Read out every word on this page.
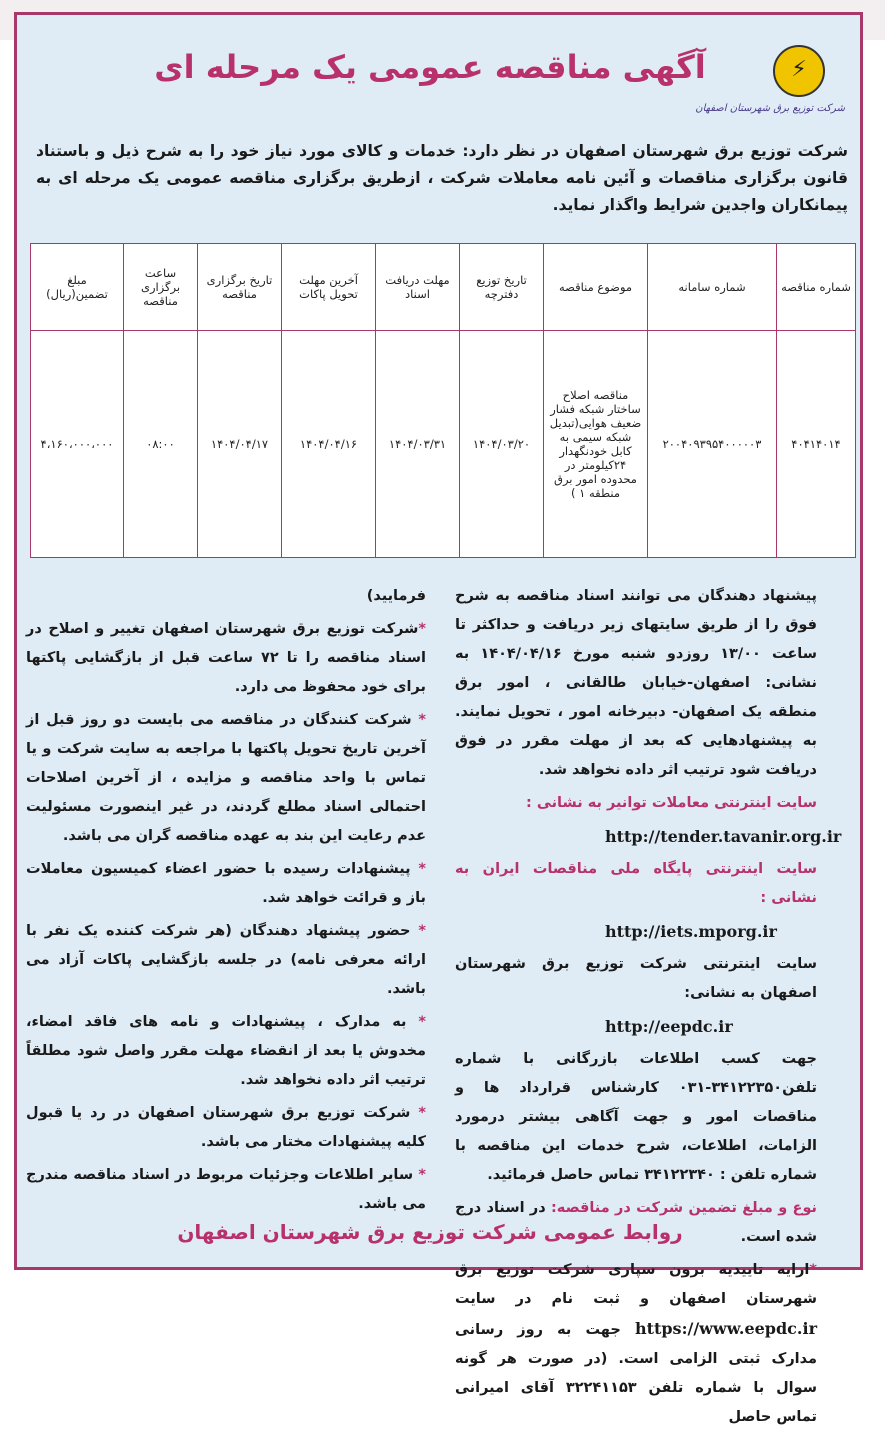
⚡
شرکت توزیع برق شهرستان اصفهان
آگهی مناقصه عمومی یک مرحله ای
شرکت توزیع برق شهرستان اصفهان در نظر دارد: خدمات و کالای مورد نیاز خود را به شرح ذیل و باستناد قانون برگزاری مناقصات و آئین نامه معاملات شرکت ، ازطریق برگزاری مناقصه عمومی یک مرحله ای به پیمانکاران واجدین شرایط واگذار نماید.
شماره مناقصه	شماره سامانه	موضوع مناقصه	تاریخ توزیع دفترچه	مهلت دریافت اسناد	آخرین مهلت تحویل پاکات	تاریخ برگزاری مناقصه	ساعت برگزاری مناقصه	مبلغ تضمین(ریال)
۴۰۴۱۴۰۱۴	۲۰۰۴۰۹۳۹۵۴۰۰۰۰۰۳	مناقصه اصلاح ساختار شبکه فشار ضعیف هوایی(تبدیل شبکه سیمی به کابل خودنگهدار ۲۴کیلومتر در محدوده امور برق منطقه ۱ )	۱۴۰۴/۰۳/۲۰	۱۴۰۴/۰۳/۳۱	۱۴۰۴/۰۴/۱۶	۱۴۰۴/۰۴/۱۷	۰۸:۰۰	۴،۱۶۰،۰۰۰،۰۰۰

پیشنهاد دهندگان می توانند اسناد مناقصه به شرح فوق را از طریق سایتهای زیر دریافت و حداکثر تا ساعت ۱۳/۰۰ روزدو شنبه مورخ ۱۴۰۴/۰۴/۱۶ به نشانی: اصفهان-خیابان طالقانی ، امور برق منطقه یک اصفهان- دبیرخانه امور ، تحویل نمایند. به پیشنهادهایی که بعد از مهلت مقرر در فوق دریافت شود ترتیب اثر داده نخواهد شد.

سایت اینترنتی معاملات توانیر به نشانی :

http://tender.tavanir.org.ir

سایت اینترنتی پایگاه ملی مناقصات ایران به نشانی :

http://iets.mporg.ir

سایت اینترنتی شرکت توزیع برق شهرستان اصفهان به نشانی:

http://eepdc.ir

جهت کسب اطلاعات بازرگانی با شماره تلفن۳۴۱۲۲۳۵۰-۰۳۱ کارشناس قرارداد ها و مناقصات امور و جهت آگاهی بیشتر درمورد الزامات، اطلاعات، شرح خدمات این مناقصه با شماره تلفن : ۳۴۱۲۲۳۴۰ تماس حاصل فرمائید.

نوع و مبلغ تضمین شرکت در مناقصه: در اسناد درج شده است.

*ارایه تاییدیه برون سپاری شرکت توزیع برق شهرستان اصفهان و ثبت نام در سایت https://www.eepdc.ir جهت به روز رسانی مدارک ثبتی الزامی است. (در صورت هر گونه سوال با شماره تلفن ۳۲۲۴۱۱۵۳ آقای امیرانی تماس حاصل

فرمایید)

*شرکت توزیع برق شهرستان اصفهان تغییر و اصلاح در اسناد مناقصه را تا ۷۲ ساعت قبل از بازگشایی پاکتها برای خود محفوظ می دارد.

* شرکت کنندگان در مناقصه می بایست دو روز قبل از آخرین تاریخ تحویل پاکتها با مراجعه به سایت شرکت و یا تماس با واحد مناقصه و مزایده ، از آخرین اصلاحات احتمالی اسناد مطلع گردند، در غیر اینصورت مسئولیت عدم رعایت این بند به عهده مناقصه گران می باشد.

* پیشنهادات رسیده با حضور اعضاء کمیسیون معاملات باز و قرائت خواهد شد.

* حضور پیشنهاد دهندگان (هر شرکت کننده یک نفر با ارائه معرفی نامه) در جلسه بازگشایی پاکات آزاد می باشد.

* به مدارک ، پیشنهادات و نامه های فاقد امضاء، مخدوش یا بعد از انقضاء مهلت مقرر واصل شود مطلقاً ترتیب اثر داده نخواهد شد.

* شرکت توزیع برق شهرستان اصفهان در رد یا قبول کلیه پیشنهادات مختار می باشد.

* سایر اطلاعات وجزئیات مربوط در اسناد مناقصه مندرج می باشد.

روابط عمومی شرکت توزیع برق شهرستان اصفهان
